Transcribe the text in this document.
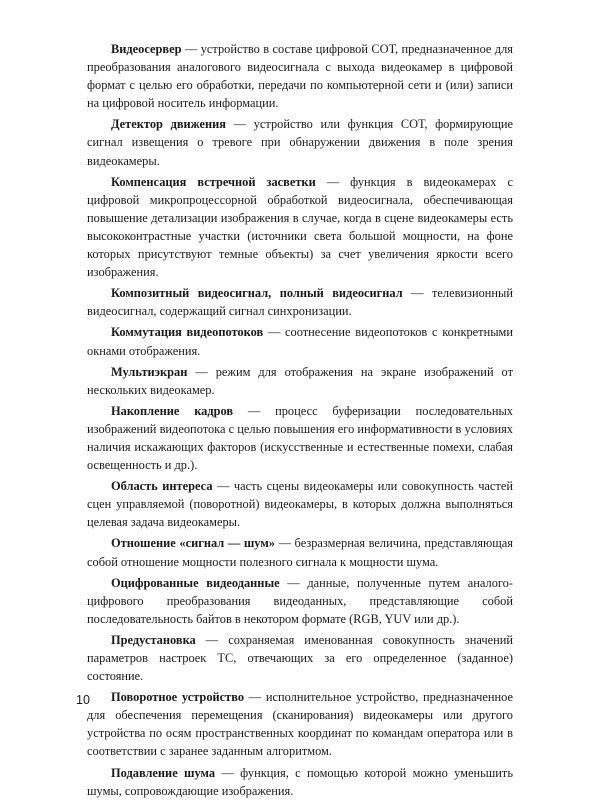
Видеосервер — устройство в составе цифровой СОТ, предназначенное для преобразования аналогового видеосигнала с выхода видеокамер в цифровой формат с целью его обработки, передачи по компьютерной сети и (или) записи на цифровой носитель информации.

Детектор движения — устройство или функция СОТ, формирующие сигнал извещения о тревоге при обнаружении движения в поле зрения видеокамеры.

Компенсация встречной засветки — функция в видеокамерах с цифровой микропроцессорной обработкой видеосигнала, обеспечивающая повышение детализации изображения в случае, когда в сцене видеокамеры есть высококонтрастные участки (источники света большой мощности, на фоне которых присутствуют темные объекты) за счет увеличения яркости всего изображения.

Композитный видеосигнал, полный видеосигнал — телевизионный видеосигнал, содержащий сигнал синхронизации.

Коммутация видеопотоков — соотнесение видеопотоков с конкретными окнами отображения.

Мультиэкран — режим для отображения на экране изображений от нескольких видеокамер.

Накопление кадров — процесс буферизации последовательных изображений видеопотока с целью повышения его информативности в условиях наличия искажающих факторов (искусственные и естественные помехи, слабая освещенность и др.).

Область интереса — часть сцены видеокамеры или совокупность частей сцен управляемой (поворотной) видеокамеры, в которых должна выполняться целевая задача видеокамеры.

Отношение «сигнал — шум» — безразмерная величина, представляющая собой отношение мощности полезного сигнала к мощности шума.

Оцифрованные видеоданные — данные, полученные путем аналого-цифрового преобразования видеоданных, представляющие собой последовательность байтов в некотором формате (RGB, YUV или др.).

Предустановка — сохраняемая именованная совокупность значений параметров настроек ТС, отвечающих за его определенное (заданное) состояние.

Поворотное устройство — исполнительное устройство, предназначенное для обеспечения перемещения (сканирования) видеокамеры или другого устройства по осям пространственных координат по командам оператора или в соответствии с заранее заданным алгоритмом.

Подавление шума — функция, с помощью которой можно уменьшить шумы, сопровождающие изображения.

10
